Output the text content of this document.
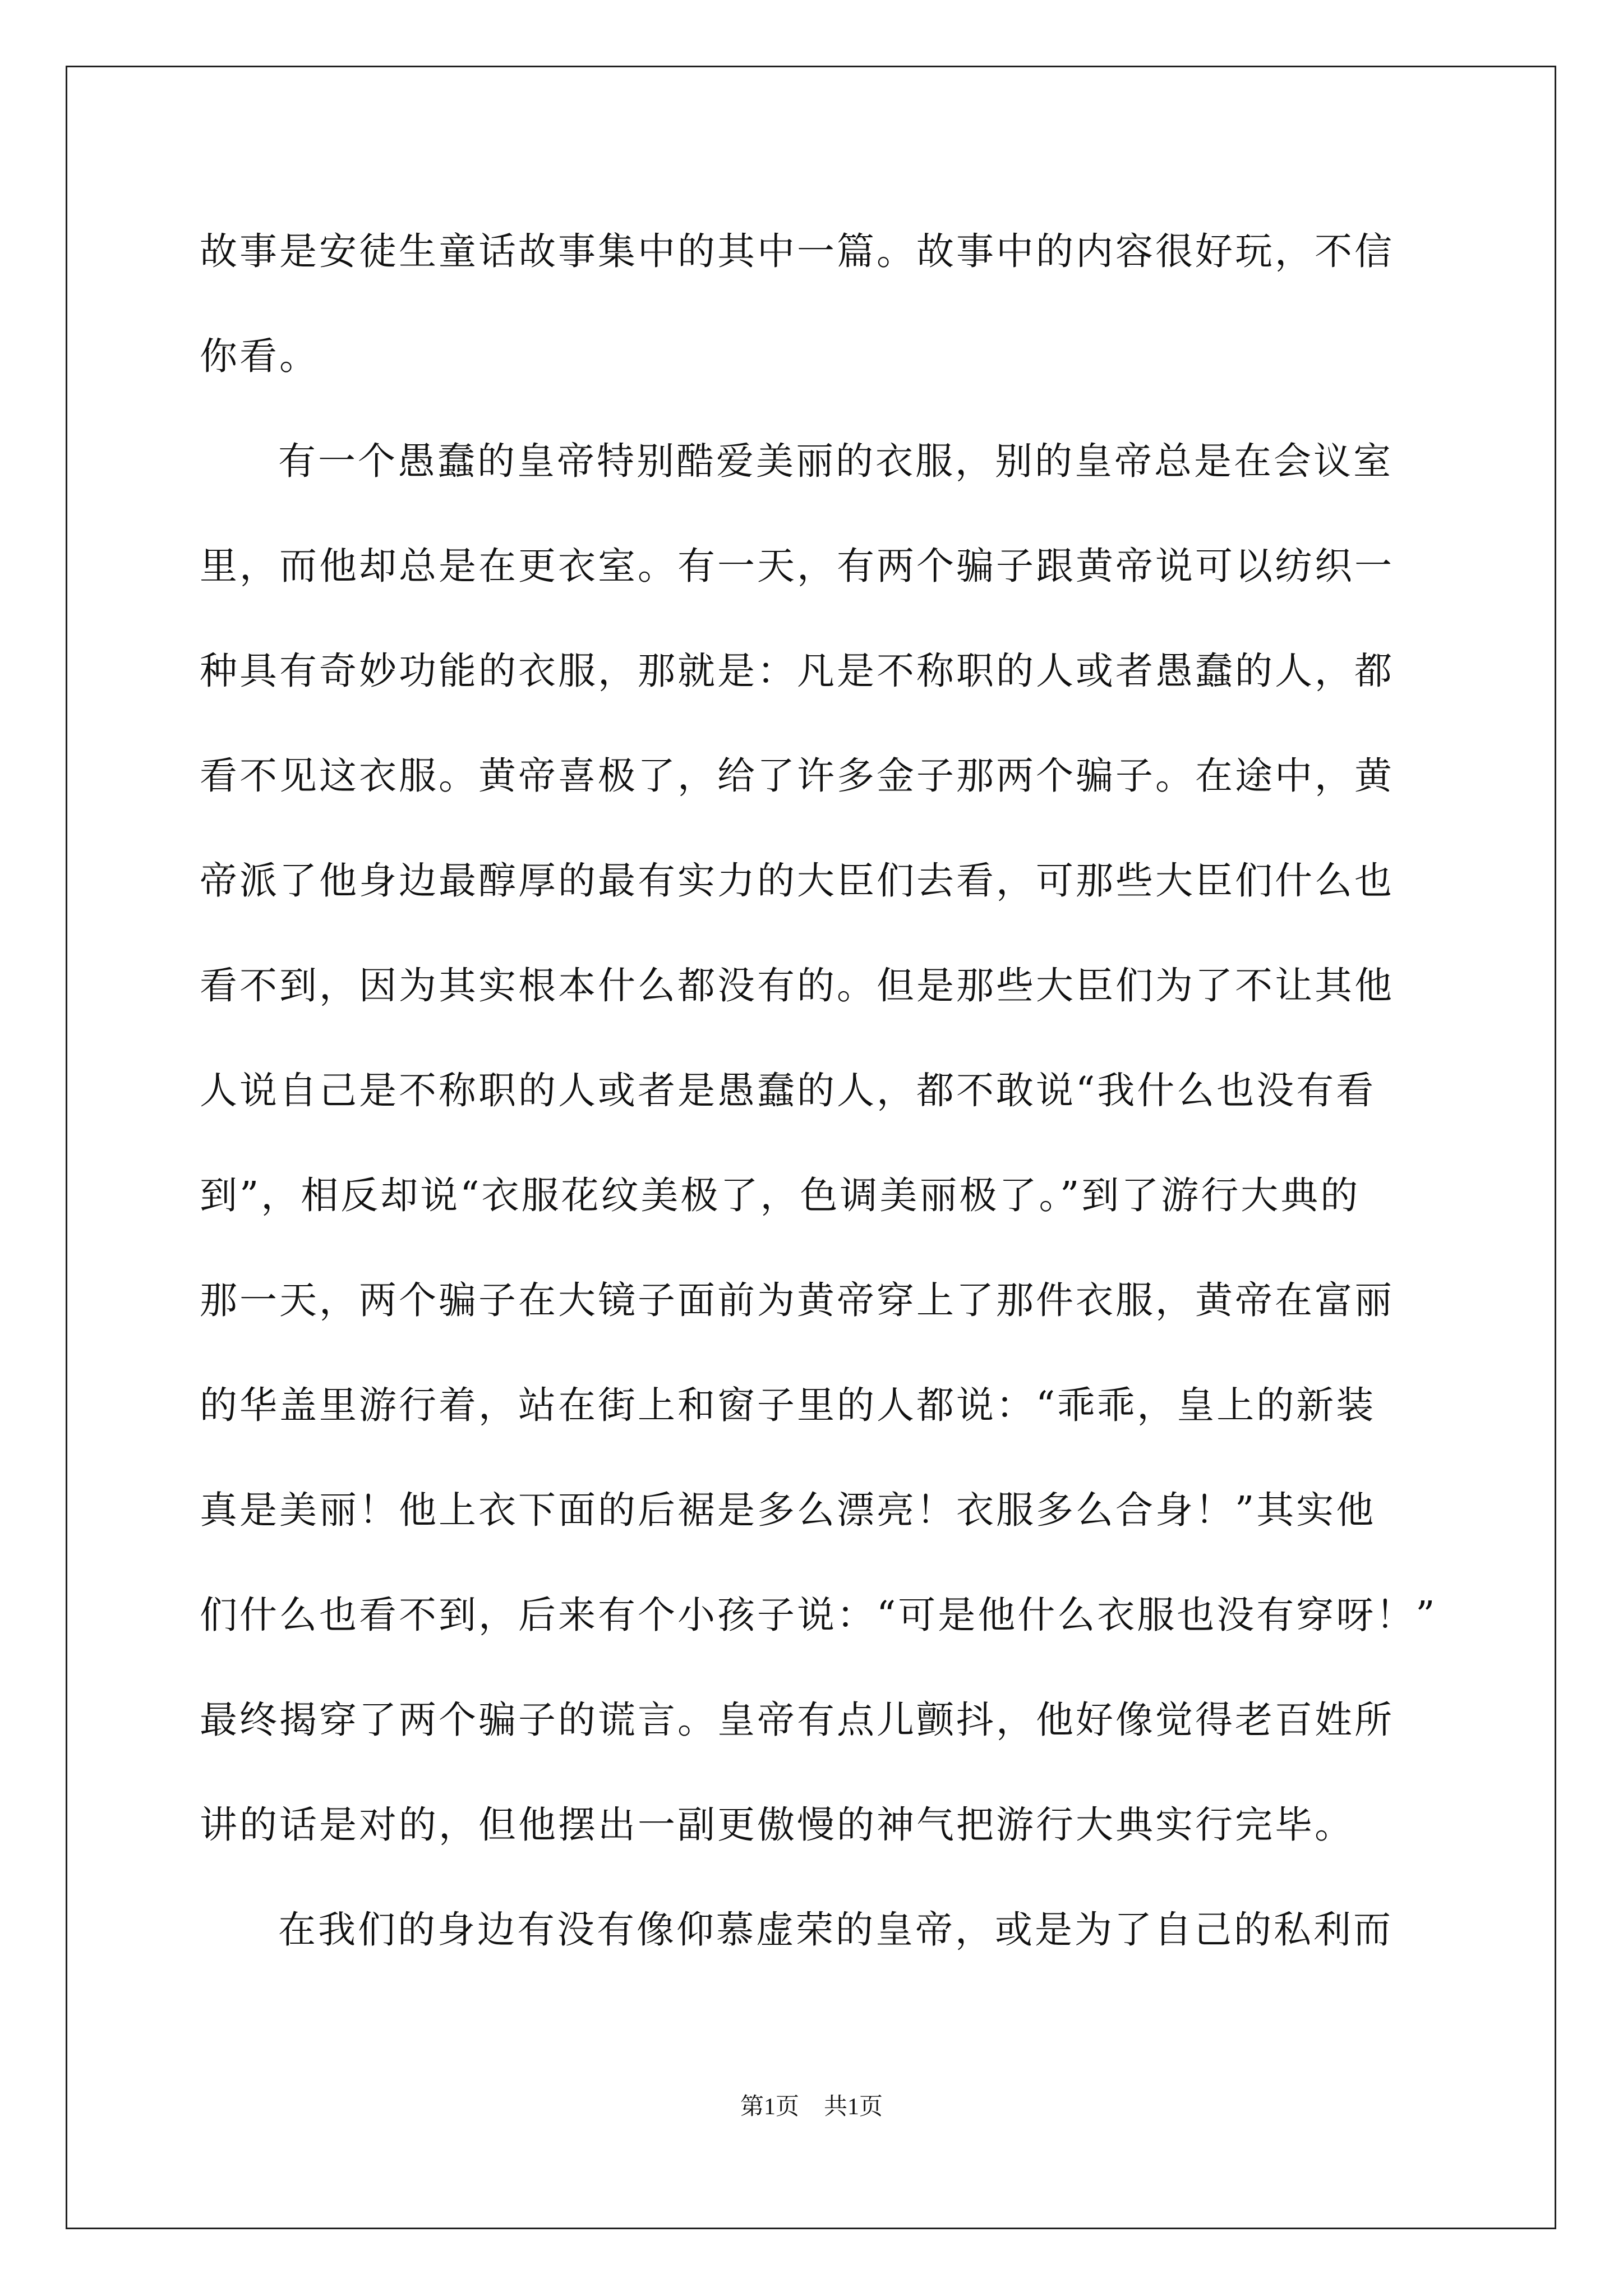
故事是安徒生童话故事集中的其中一篇。故事中的内容很好玩，不信
你看。
有一个愚蠢的皇帝特别酷爱美丽的衣服，别的皇帝总是在会议室
里，而他却总是在更衣室。有一天，有两个骗子跟黄帝说可以纺织一
种具有奇妙功能的衣服，那就是：凡是不称职的人或者愚蠢的人，都
看不见这衣服。黄帝喜极了，给了许多金子那两个骗子。在途中，黄
帝派了他身边最醇厚的最有实力的大臣们去看，可那些大臣们什么也
看不到，因为其实根本什么都没有的。但是那些大臣们为了不让其他
人说自己是不称职的人或者是愚蠢的人，都不敢说“我什么也没有看
到”，相反却说“衣服花纹美极了，色调美丽极了。”到了游行大典的
那一天，两个骗子在大镜子面前为黄帝穿上了那件衣服，黄帝在富丽
的华盖里游行着，站在街上和窗子里的人都说：“乖乖，皇上的新装
真是美丽！他上衣下面的后裾是多么漂亮！衣服多么合身！”其实他
们什么也看不到，后来有个小孩子说：“可是他什么衣服也没有穿呀！”
最终揭穿了两个骗子的谎言。皇帝有点儿颤抖，他好像觉得老百姓所
讲的话是对的，但他摆出一副更傲慢的神气把游行大典实行完毕。
在我们的身边有没有像仰慕虚荣的皇帝，或是为了自己的私利而
第1页 共1页
